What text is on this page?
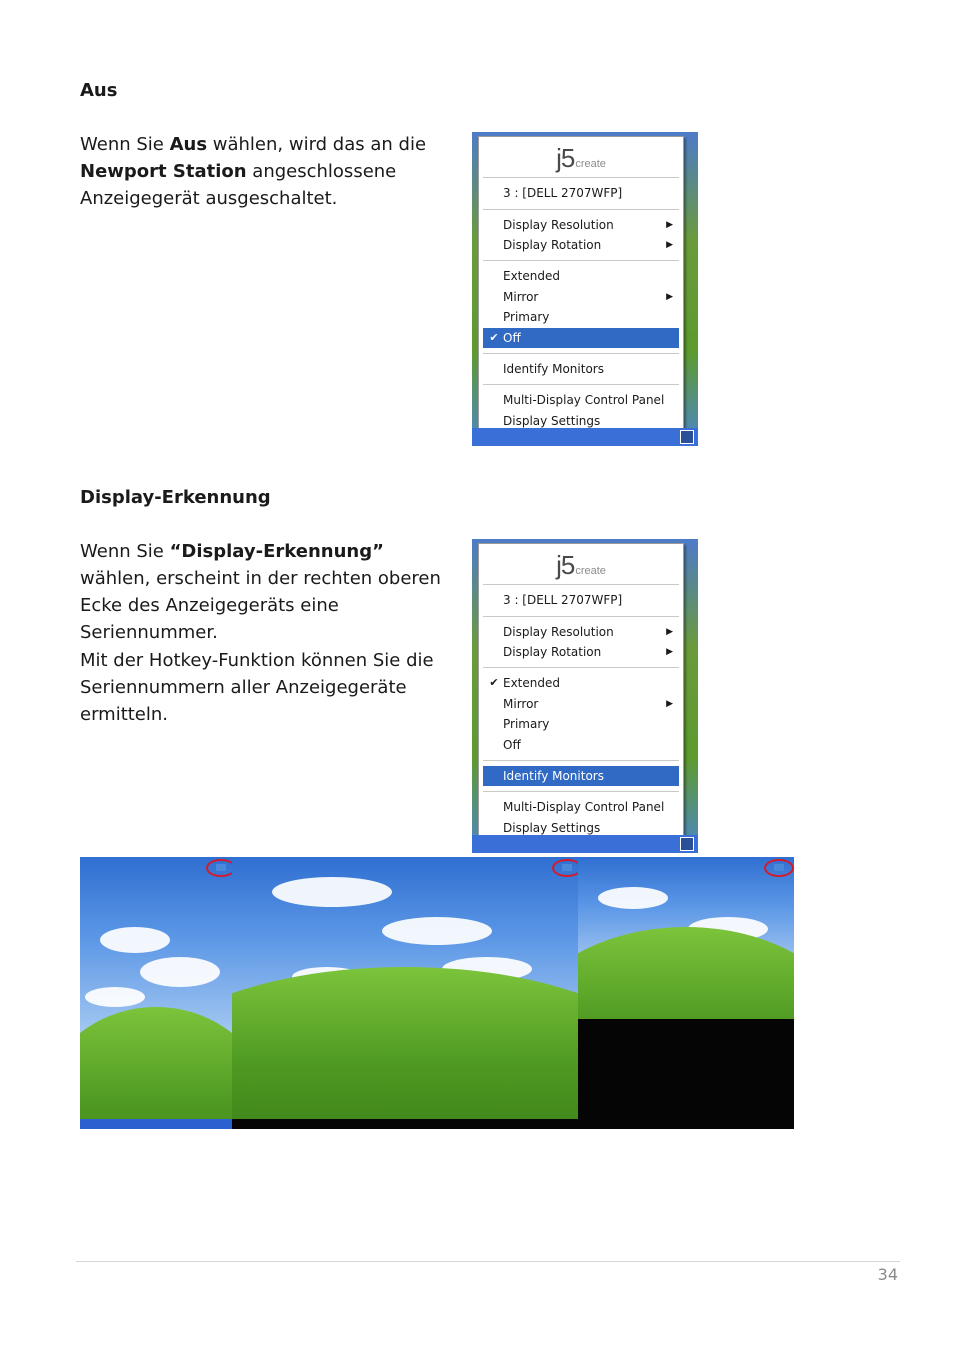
Aus
Wenn Sie Aus wählen, wird das an die Newport Station angeschlossene Anzeigegerät ausgeschaltet.
j5create
3 : [DELL 2707WFP]
Display Resolution	▶
Display Rotation	▶
Extended
Mirror	▶
Primary
✔ Off
Identify Monitors
Multi-Display Control Panel
Display Settings
Display-Erkennung
Wenn Sie “Display-Erkennung” wählen, erscheint in der rechten oberen Ecke des Anzeigegeräts eine Seriennummer.
Mit der Hotkey-Funktion können Sie die Seriennummern aller Anzeigegeräte ermitteln.
j5create
3 : [DELL 2707WFP]
Display Resolution	▶
Display Rotation	▶
✔ Extended
Mirror	▶
Primary
Off
Identify Monitors
Multi-Display Control Panel
Display Settings
34
